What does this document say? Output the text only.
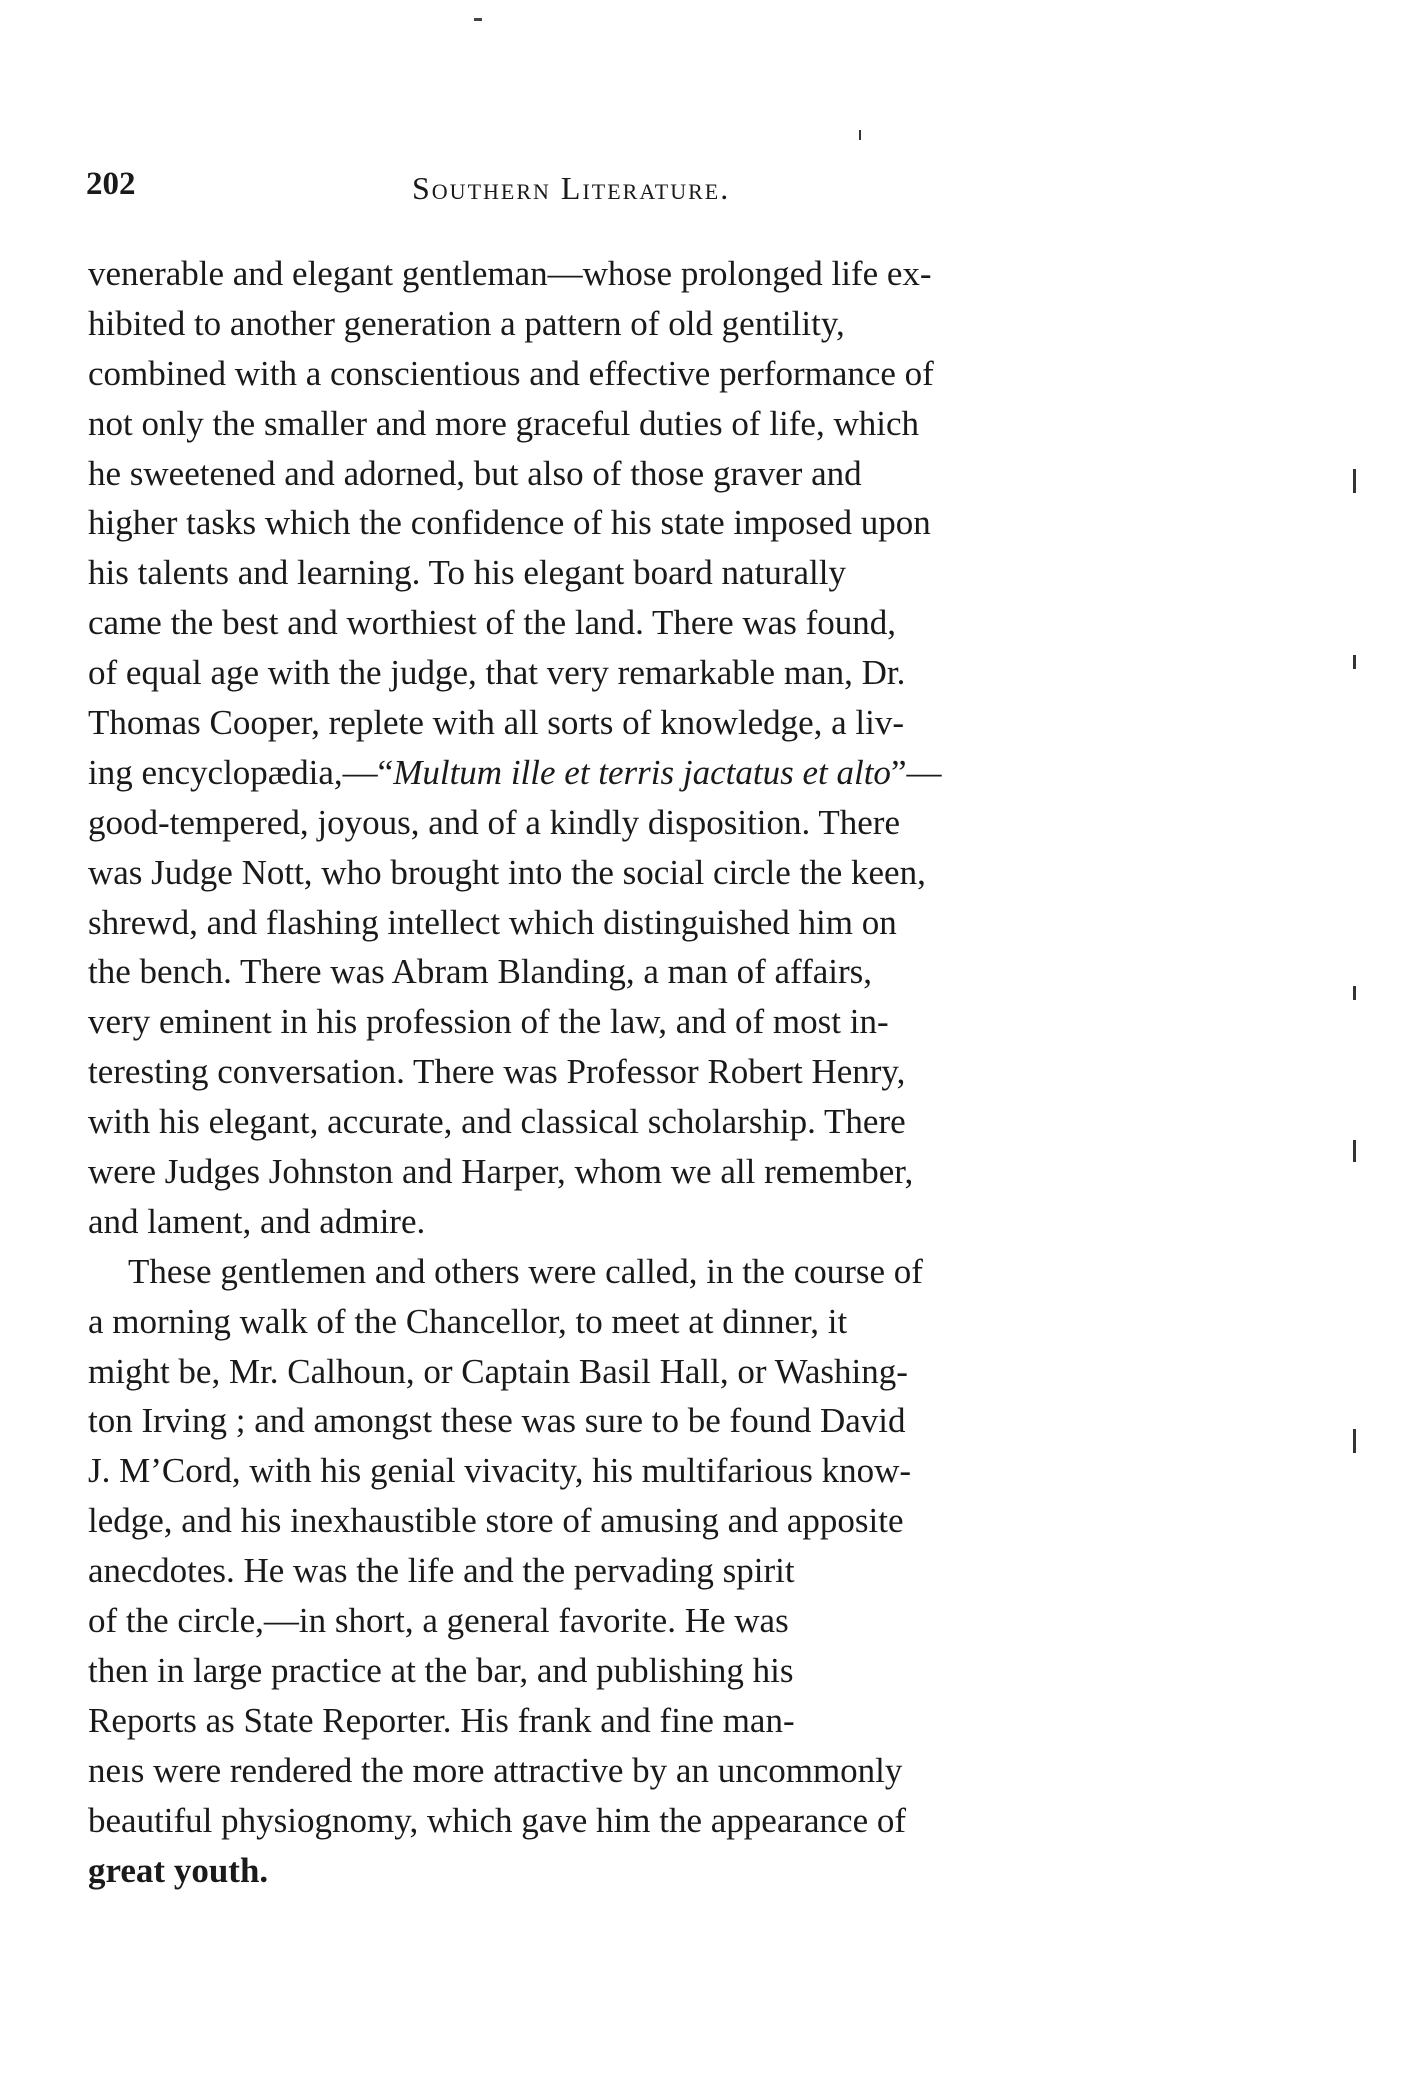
202	Southern Literature.
venerable and elegant gentleman—whose prolonged life ex-
hibited to another generation a pattern of old gentility,
combined with a conscientious and effective performance of
not only the smaller and more graceful duties of life, which
he sweetened and adorned, but also of those graver and
higher tasks which the confidence of his state imposed upon
his talents and learning. To his elegant board naturally
came the best and worthiest of the land. There was found,
of equal age with the judge, that very remarkable man, Dr.
Thomas Cooper, replete with all sorts of knowledge, a liv-
ing encyclopædia,—“Multum ille et terris jactatus et alto”—
good-tempered, joyous, and of a kindly disposition. There
was Judge Nott, who brought into the social circle the keen,
shrewd, and flashing intellect which distinguished him on
the bench. There was Abram Blanding, a man of affairs,
very eminent in his profession of the law, and of most in-
teresting conversation. There was Professor Robert Henry,
with his elegant, accurate, and classical scholarship. There
were Judges Johnston and Harper, whom we all remember,
and lament, and admire.
These gentlemen and others were called, in the course of
a morning walk of the Chancellor, to meet at dinner, it
might be, Mr. Calhoun, or Captain Basil Hall, or Washing-
ton Irving ; and amongst these was sure to be found David
J. M’Cord, with his genial vivacity, his multifarious know-
ledge, and his inexhaustible store of amusing and apposite
anecdotes. He was the life and the pervading spirit
of the circle,—in short, a general favorite. He was
then in large practice at the bar, and publishing his
Reports as State Reporter. His frank and fine man-
neıs were rendered the more attractive by an uncommonly
beautiful physiognomy, which gave him the appearance of
great youth.
